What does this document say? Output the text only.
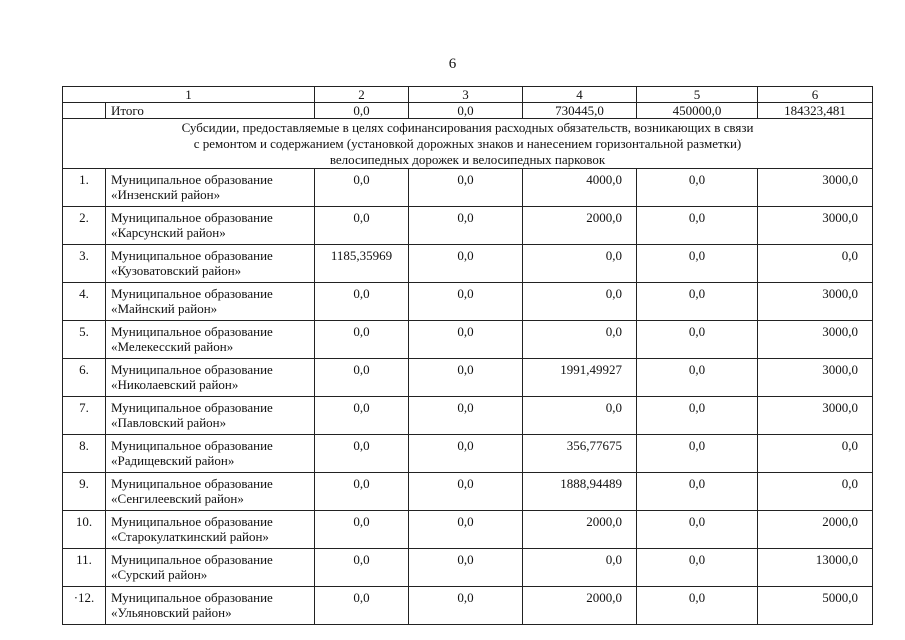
6
1		2	3	4	5	6
	Итого	0,0	0,0	730445,0	450000,0	184323,481

Субсидии, предоставляемые в целях софинансирования расходных обязательств, возникающих в связи
с ремонтом и содержанием (установкой дорожных знаков и нанесением горизонтальной разметки)
велосипедных дорожек и велосипедных парковок						

1.	Муниципальное образование
«Инзенский район»	0,0	0,0	4000,0	0,0	3000,0
2.	Муниципальное образование
«Карсунский район»	0,0	0,0	2000,0	0,0	3000,0
3.	Муниципальное образование
«Кузоватовский район»	1185,35969	0,0	0,0	0,0	0,0
4.	Муниципальное образование
«Майнский район»	0,0	0,0	0,0	0,0	3000,0
5.	Муниципальное образование
«Мелекесский район»	0,0	0,0	0,0	0,0	3000,0
6.	Муниципальное образование
«Николаевский район»	0,0	0,0	1991,49927	0,0	3000,0
7.	Муниципальное образование
«Павловский район»	0,0	0,0	0,0	0,0	3000,0
8.	Муниципальное образование
«Радищевский район»	0,0	0,0	356,77675	0,0	0,0
9.	Муниципальное образование
«Сенгилеевский район»	0,0	0,0	1888,94489	0,0	0,0
10.	Муниципальное образование
«Старокулаткинский район»	0,0	0,0	2000,0	0,0	2000,0
11.	Муниципальное образование
«Сурский район»	0,0	0,0	0,0	0,0	13000,0
·12.	Муниципальное образование
«Ульяновский район»	0,0	0,0	2000,0	0,0	5000,0
